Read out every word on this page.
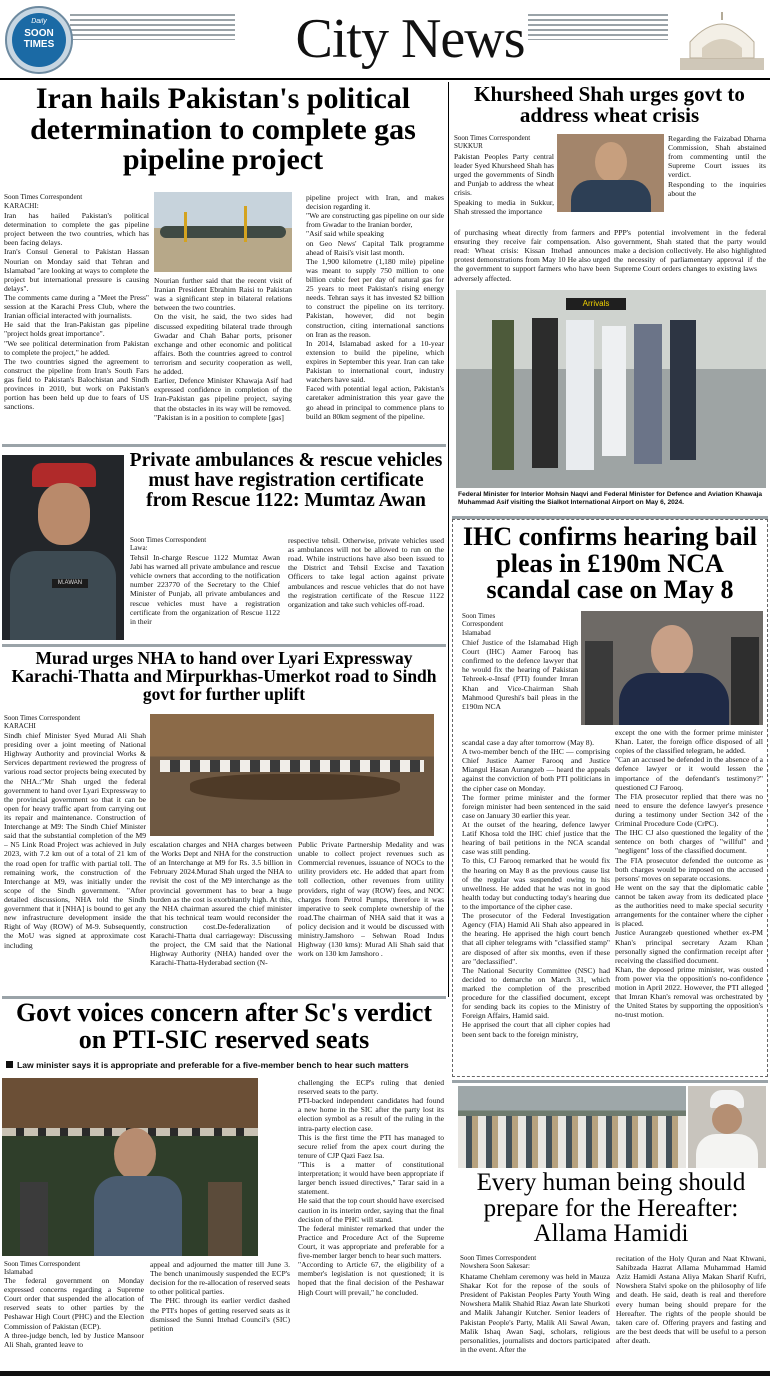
Daily
SOON TIMES	City News
Iran hails Pakistan's political determination to complete gas pipeline project
Soon Times Correspondent
KARACHI:
Iran has hailed Pakistan's political determination to complete the gas pipeline project between the two countries, which has been facing delays.
Iran's Consul General to Pakistan Hassan Nourian on Monday said that Tehran and Islamabad "are looking at ways to complete the project but international pressure is causing delays".
The comments came during a "Meet the Press" session at the Karachi Press Club, where the Iranian official interacted with journalists.
He said that the Iran-Pakistan gas pipeline "project holds great importance".
"We see political determination from Pakistan to complete the project," he added.
The two countries signed the agreement to construct the pipeline from Iran's South Fars gas field to Pakistan's Balochistan and Sindh provinces in 2010, but work on Pakistan's portion has been held up due to fears of US sanctions.
Nourian further said that the recent visit of Iranian President Ebrahim Raisi to Pakistan was a significant step in bilateral relations between the two countries.
On the visit, he said, the two sides had discussed expediting bilateral trade through Gwadar and Chah Bahar ports, prisoner exchange and other economic and political affairs. Both the countries agreed to control terrorism and security cooperation as well, he added.
Earlier, Defence Minister Khawaja Asif had expressed confidence in completion of the Iran-Pakistan gas pipeline project, saying that the obstacles in its way will be removed.
"Pakistan is in a position to complete [gas]
pipeline project with Iran, and makes decision regarding it.
"We are constructing gas pipeline on our side from Gwadar to the Iranian border,
"Asif said while speaking
on Geo News' Capital Talk programme ahead of Raisi's visit last month.
The 1,900 kilometre (1,180 mile) pipeline was meant to supply 750 million to one billion cubic feet per day of natural gas for 25 years to meet Pakistan's rising energy needs. Tehran says it has invested $2 billion to construct the pipeline on its territory. Pakistan, however, did not begin construction, citing international sanctions on Iran as the reason.
In 2014, Islamabad asked for a 10-year extension to build the pipeline, which expires in September this year. Iran can take Pakistan to international court, industry watchers have said.
Faced with potential legal action, Pakistan's caretaker administration this year gave the go ahead in principal to commence plans to build an 80km segment of the pipeline.
Khursheed Shah urges govt to address wheat crisis
Soon Times Correspondent
SUKKUR
Pakistan Peoples Party central leader Syed Khursheed Shah has urged the governments of Sindh and Punjab to address the wheat crisis.
Speaking to media in Sukkur, Shah stressed the importance
Regarding the Faizabad Dharna Commission, Shah abstained from commenting until the Supreme Court issues its verdict.
Responding to the inquiries about the
of purchasing wheat directly from farmers and ensuring they receive fair compensation. Also read: Wheat crisis: Kissan Ittehad announces protest demonstrations from May 10 He also urged the government to support farmers who have been adversely affected.
PPP's potential involvement in the federal government, Shah stated that the party would make a decision collectively. He also highlighted the necessity of parliamentary approval if the Supreme Court orders changes to existing laws
Arrivals
Federal Minister for Interior Mohsin Naqvi and Federal Minister for Defence and Aviation Khawaja Muhammad Asif visiting the Sialkot International Airport on May 6, 2024.
M.AWAN
Private ambulances & rescue vehicles must have registration certificate from Rescue 1122: Mumtaz Awan
Soon Times Correspondent
Lawa:
Tehsil In-charge Rescue 1122 Mumtaz Awan Jabi has warned all private ambulance and rescue vehicle owners that according to the notification number 223770 of the Secretary to the Chief Minister of Punjab, all private ambulances and rescue vehicles must have a registration certificate from the organization of Rescue 1122 in their
respective tehsil. Otherwise, private vehicles used as ambulances will not be allowed to run on the road. While instructions have also been issued to the District and Tehsil Excise and Taxation Officers to take legal action against private ambulances and rescue vehicles that do not have the registration certificate of the Rescue 1122 organization and take such vehicles off-road.
Murad urges NHA to hand over Lyari Expressway Karachi-Thatta and Mirpurkhas-Umerkot road to Sindh govt for further uplift
Soon Times Correspondent
KARACHI
Sindh chief Minister Syed Murad Ali Shah presiding over a joint meeting of National Highway Authority and provincial Works & Services department reviewed the progress of various road sector projects being executed by the NHA.:"Mr Shah urged the federal government to hand over Lyari Expressway to the provincial government so that it can be open for heavy traffic apart from carrying out its repair and maintenance. Construction of Interchange at M9: The Sindh Chief Minister said that the substantial completion of the M9 – N5 Link Road Project was achieved in July 2023, with 7.2 km out of a total of 21 km of the road open for traffic with partial toll. The remaining work, the construction of the Interchange at M9, was initially under the scope of the Sindh government. "After detailed discussions, NHA told the Sindh government that it [NHA] is bound to get any new infrastructure development inside the Right of Way (ROW) of M-9. Subsequently, the MoU was signed at approximate cost including
escalation charges and NHA charges between the Works Dept and NHA for the construction of an Interchange at M9 for Rs. 3.5 billion in February 2024.Murad Shah urged the NHA to revisit the cost of the M9 interchange as the provincial government has to bear a huge burden as the cost is exorbitantly high. At this, the NHA chairman assured the chief minister that his technical team would reconsider the construction cost.De-federalization of Karachi-Thatta dual carriageway: Discussing the project, the CM said that the National Highway Authority (NHA) handed over the Karachi-Thatta-Hyderabad section (N-
Public Private Partnership Medality and was unable to collect project revenues such as Commercial revenues, issuance of NOCs to the utility providers etc. He added that apart from toll collection, other revenues from utility providers, right of way (ROW) fees, and NOC charges from Petrol Pumps, therefore it was imperative to seek complete ownership of the road.The chairman of NHA said that it was a policy decision and it would be discussed with ministry.Jamshoro – Sehwan Road Indus Highway (130 kms): Murad Ali Shah said that work on 130 km Jamshoro .
IHC confirms hearing bail pleas in £190m NCA scandal case on May 8
Soon Times
Correspondent
Islamabad
Chief Justice of the Islamabad High Court (IHC) Aamer Farooq has confirmed to the defence lawyer that he would fix the hearing of Pakistan Tehreek-e-Insaf (PTI) founder Imran Khan and Vice-Chairman Shah Mahmood Qureshi's bail pleas in the £190m NCA
scandal case a day after tomorrow (May 8).
A two-member bench of the IHC — comprising Chief Justice Aamer Farooq and Justice Miangul Hasan Aurangzeb — heard the appeals against the conviction of both PTI politicians in the cipher case on Monday.
The former prime minister and the former foreign minister had been sentenced in the said case on January 30 earlier this year.
At the outset of the hearing, defence lawyer Latif Khosa told the IHC chief justice that the hearing of bail petitions in the NCA scandal case was still pending.
To this, CJ Farooq remarked that he would fix the hearing on May 8 as the previous cause list of the regular was suspended owing to his unwellness. He added that he was not in good health today but conducting today's hearing due to the importance of the cipher case.
The prosecutor of the Federal Investigation Agency (FIA) Hamid Ali Shah also appeared in the hearing. He apprised the high court bench that all cipher telegrams with "classified stamp" are disposed of after six months, even if these are "declassified".
The National Security Committee (NSC) had decided to demarche on March 31, which marked the completion of the prescribed procedure for the classified document, except for sending back its copies to the Ministry of Foreign Affairs, Hamid said.
He apprised the court that all cipher copies had been sent back to the foreign ministry,
except the one with the former prime minister Khan. Later, the foreign office disposed of all copies of the classified telegram, he added.
"Can an accused be defended in the absence of a defence lawyer or it would lessen the importance of the defendant's testimony?" questioned CJ Farooq.
The FIA prosecutor replied that there was no need to ensure the defence lawyer's presence during a testimony under Section 342 of the Criminal Procedure Code (CrPC).
The IHC CJ also questioned the legality of the sentence on both charges of "willful" and "negligent" loss of the classified document.
The FIA prosecutor defended the outcome as both charges would be imposed on the accused persons' moves on separate occasions.
He went on the say that the diplomatic cable cannot be taken away from its dedicated place as the authorities need to make special security arrangements for the container where the cipher is placed.
Justice Aurangzeb questioned whether ex-PM Khan's principal secretary Azam Khan personally signed the confirmation receipt after receiving the classified document.
Khan, the deposed prime minister, was ousted from power via the opposition's no-confidence motion in April 2022. However, the PTI alleged that Imran Khan's removal was orchestrated by the United States by supporting the opposition's no-trust motion.
Govt voices concern after Sc's verdict on PTI-SIC reserved seats
Law minister says it is appropriate and preferable for a five-member bench to hear such matters
Soon Times Correspondent
Islamabad
The federal government on Monday expressed concerns regarding a Supreme Court order that suspended the allocation of reserved seats to other parties by the Peshawar High Court (PHC) and the Election Commission of Pakistan (ECP).
A three-judge bench, led by Justice Mansoor Ali Shah, granted leave to
appeal and adjourned the matter till June 3. The bench unanimously suspended the ECP's decision for the re-allocation of reserved seats to other political parties.
The PHC through its earlier verdict dashed the PTI's hopes of getting reserved seats as it dismissed the Sunni Ittehad Council's (SIC) petition
challenging the ECP's ruling that denied reserved seats to the party.
PTI-backed independent candidates had found a new home in the SIC after the party lost its election symbol as a result of the ruling in the intra-party election case.
This is the first time the PTI has managed to secure relief from the apex court during the tenure of CJP Qazi Faez Isa.
"This is a matter of constitutional interpretation; it would have been appropriate if larger bench issued directives," Tarar said in a statement.
He said that the top court should have exercised caution in its interim order, saying that the final decision of the PHC will stand.
The federal minister remarked that under the Practice and Procedure Act of the Supreme Court, it was appropriate and preferable for a five-member larger bench to hear such matters.
"According to Article 67, the eligibility of a member's legislation is not questioned; it is hoped that the final decision of the Peshawar High Court will prevail," he concluded.
Every human being should prepare for the Hereafter: Allama Hamidi
Soon Times Correspondent
Nowshera Soon Sakesar:
Khatame Chehlam ceremony was held in Mauza Shakar Kot for the repose of the souls of President of Pakistan Peoples Party Youth Wing Nowshera Malik Shahid Riaz Awan late Shurkoti and Malik Jahangir Kutcher. Senior leaders of Pakistan People's Party, Malik Ali Sawal Awan, Malik Ishaq Awan Saqi, scholars, religious personalities, journalists and doctors participated in the event. After the
recitation of the Holy Quran and Naat Khwani, Sahibzada Hazrat Allama Muhammad Hamid Aziz Hamidi Astana Aliya Makan Sharif Kufri, Nowshera Stalvi spoke on the philosophy of life and death. He said, death is real and therefore every human being should prepare for the Hereafter. The rights of the people should be taken care of. Offering prayers and fasting and are the best deeds that will be useful to a person after death.
